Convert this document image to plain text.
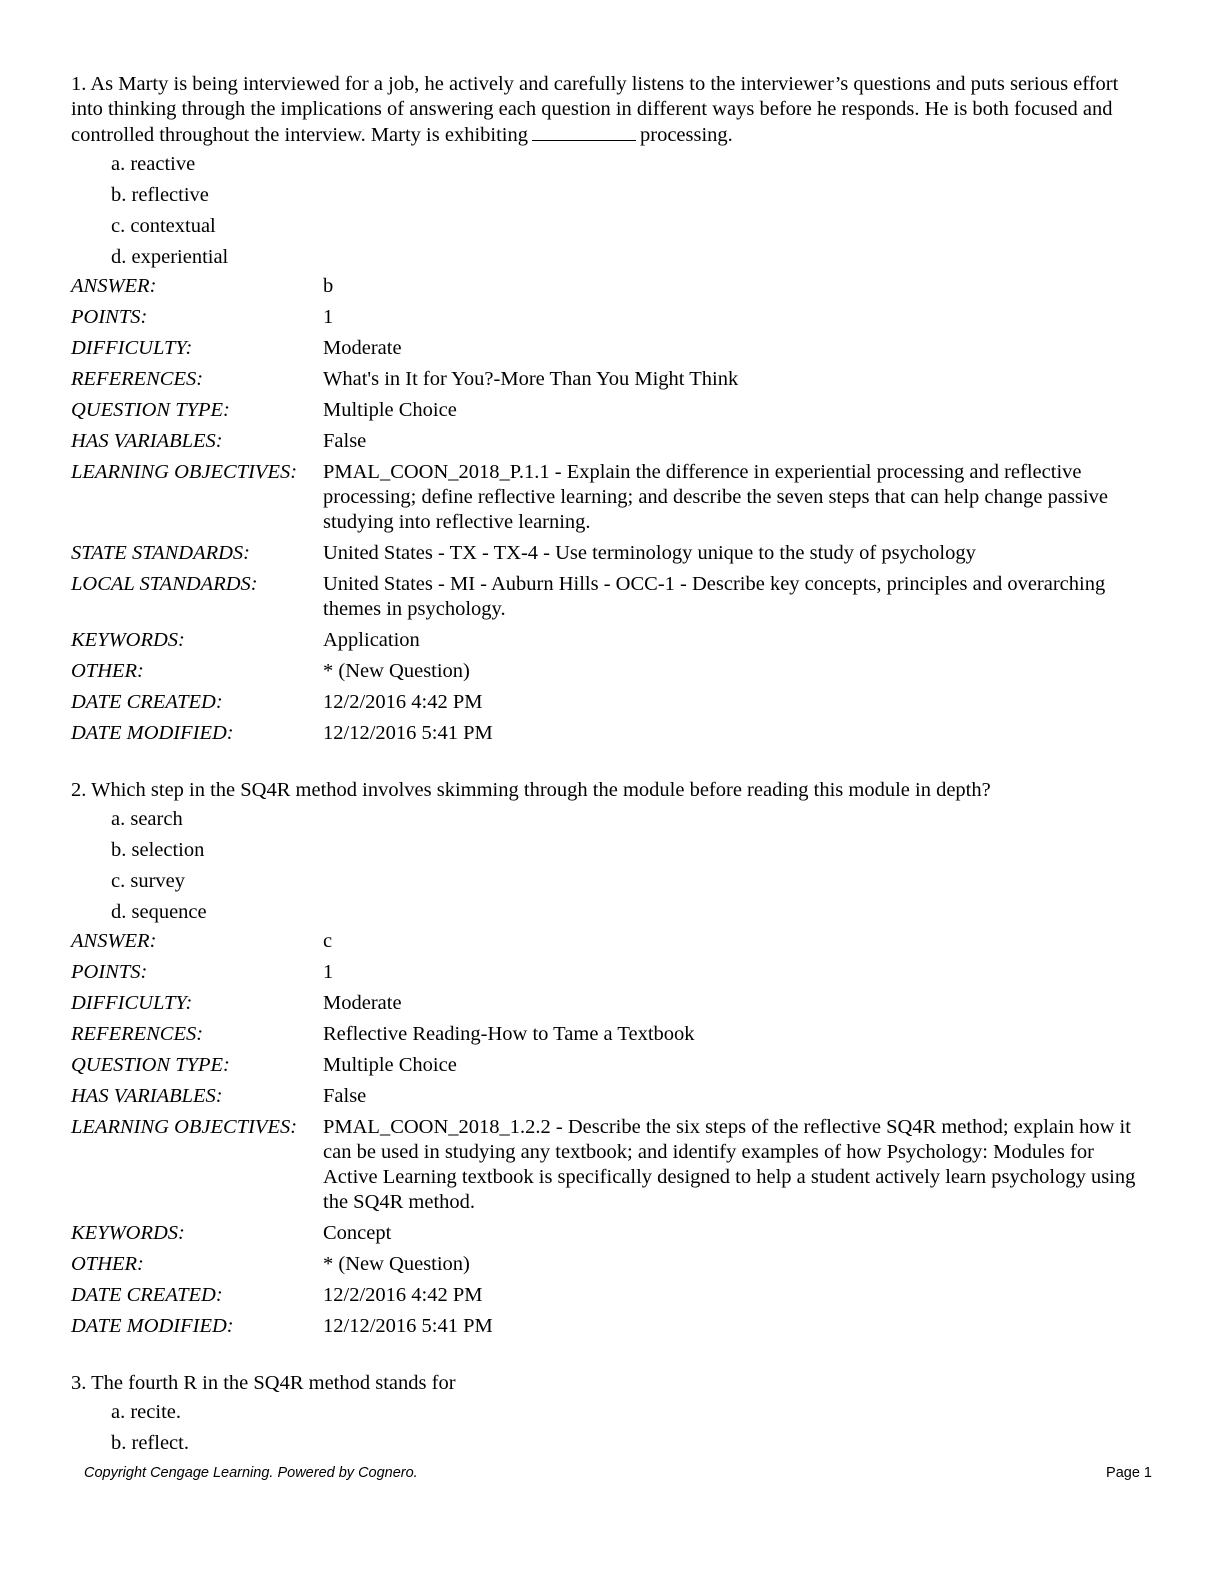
1. As Marty is being interviewed for a job, he actively and carefully listens to the interviewer’s questions and puts serious effort into thinking through the implications of answering each question in different ways before he responds. He is both focused and controlled throughout the interview. Marty is exhibiting	processing.

a. reactive
b. reflective
c. contextual
d. experiential
ANSWER:	b
POINTS:	1
DIFFICULTY:	Moderate
REFERENCES:	What's in It for You?-More Than You Might Think
QUESTION TYPE:	Multiple Choice
HAS VARIABLES:	False
LEARNING OBJECTIVES:	PMAL_COON_2018_P.1.1 - Explain the difference in experiential processing and reflective processing; define reflective learning; and describe the seven steps that can help change passive studying into reflective learning.
STATE STANDARDS:	United States - TX - TX-4 - Use terminology unique to the study of psychology
LOCAL STANDARDS:	United States - MI - Auburn Hills - OCC-1 - Describe key concepts, principles and overarching themes in psychology.
KEYWORDS:	Application
OTHER:	* (New Question)
DATE CREATED:	12/2/2016 4:42 PM
DATE MODIFIED:	12/12/2016 5:41 PM

2. Which step in the SQ4R method involves skimming through the module before reading this module in depth?

a. search
b. selection
c. survey
d. sequence
ANSWER:	c
POINTS:	1
DIFFICULTY:	Moderate
REFERENCES:	Reflective Reading-How to Tame a Textbook
QUESTION TYPE:	Multiple Choice
HAS VARIABLES:	False
LEARNING OBJECTIVES:	PMAL_COON_2018_1.2.2 - Describe the six steps of the reflective SQ4R method; explain how it can be used in studying any textbook; and identify examples of how Psychology: Modules for Active Learning textbook is specifically designed to help a student actively learn psychology using the SQ4R method.
KEYWORDS:	Concept
OTHER:	* (New Question)
DATE CREATED:	12/2/2016 4:42 PM
DATE MODIFIED:	12/12/2016 5:41 PM

3. The fourth R in the SQ4R method stands for

a. recite.
b. reflect.
Copyright Cengage Learning. Powered by Cognero.	Page 1
